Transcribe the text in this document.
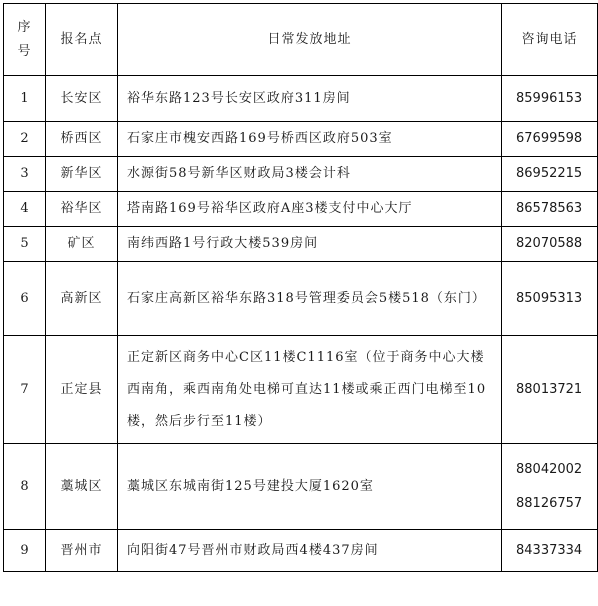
序
号	报名点	日常发放地址	咨询电话
1	长安区	裕华东路123号长安区政府311房间	85996153

2	桥西区	石家庄市槐安西路169号桥西区政府503室	67699598

3	新华区	水源街58号新华区财政局3楼会计科	86952215

4	裕华区	塔南路169号裕华区政府A座3楼支付中心大厅	86578563

5	矿区	南纬西路1号行政大楼539房间	82070588

6	高新区	石家庄高新区裕华东路318号管理委员会5楼518（东门）	85095313

7	正定县	正定新区商务中心C区11楼C1116室（位于商务中心大楼西南角，乘西南角处电梯可直达11楼或乘正西门电梯至10楼，然后步行至11楼）	88013721

8	藁城区	藁城区东城南街125号建投大厦1620室	88042002
88126757

9	晋州市	向阳街47号晋州市财政局西4楼437房间	84337334
